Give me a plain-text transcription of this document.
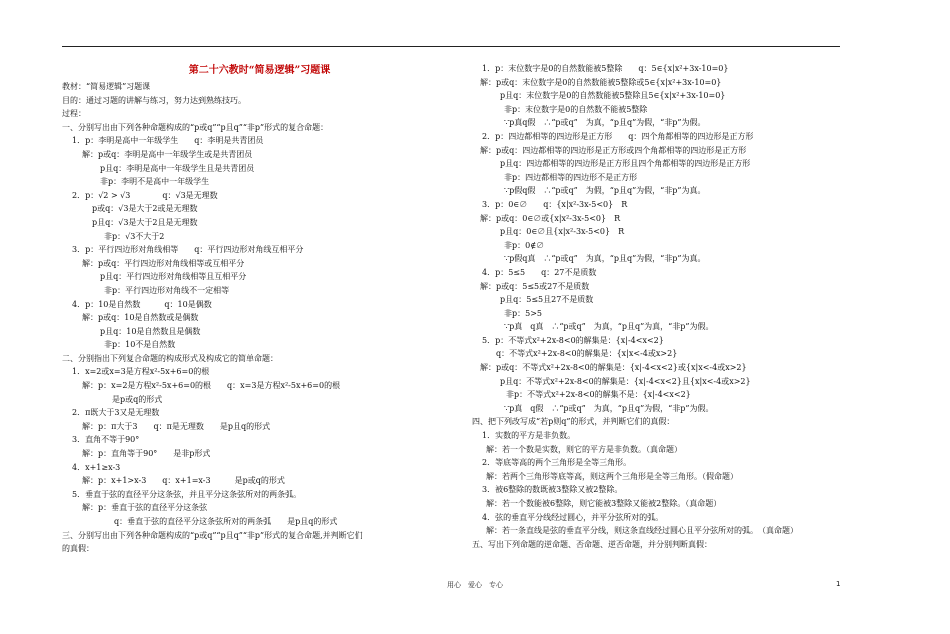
第二十六教时“简易逻辑”习题课
教材：“简易逻辑”习题课
目的：通过习题的讲解与练习，努力达到熟练技巧。
过程：
一、分别写出由下列各种命题构成的“p或q”“p且q”“非p”形式的复合命题：
1．p：李明是高中一年级学生　　q：李明是共青团员
解：p或q：李明是高中一年级学生或是共青团员
p且q：李明是高中一年级学生且是共青团员
非p：李明不是高中一年级学生
2．p：√2 > √3　　　　q：√3是无理数
p或q：√3是大于2或是无理数
p且q：√3是大于2且是无理数
非p：√3不大于2
3．p：平行四边形对角线相等　　q：平行四边形对角线互相平分
解：p或q：平行四边形对角线相等或互相平分
p且q：平行四边形对角线相等且互相平分
非p：平行四边形对角线不一定相等
4．p：10是自然数　　　q：10是偶数
解：p或q：10是自然数或是偶数
p且q：10是自然数且是偶数
非p：10不是自然数
二、分别指出下列复合命题的构成形式及构成它的简单命题：
1．x=2或x=3是方程x²-5x+6=0的根
解：p：x=2是方程x²-5x+6=0的根　　q：x=3是方程x²-5x+6=0的根
是p或q的形式
2．π既大于3又是无理数
解：p：π大于3　　q：π是无理数　　是p且q的形式
3．直角不等于90°
解：p：直角等于90°　　是非p形式
4．x+1≥x-3
解：p：x+1>x-3　　q：x+1=x-3　　　是p或q的形式
5．垂直于弦的直径平分这条弦，并且平分这条弦所对的两条弧。
解：p：垂直于弦的直径平分这条弦
q：垂直于弦的直径平分这条弦所对的两条弧　　是p且q的形式
三、分别写出由下列各种命题构成的“p或q”“p且q”“非p”形式的复合命题,并判断它们
的真假：
1．p：末位数字是0的自然数能被5整除　　q：5∈{x|x²+3x-10=0}
解：p或q：末位数字是0的自然数能被5整除或5∈{x|x²+3x-10=0}
p且q：末位数字是0的自然数能被5整除且5∈{x|x²+3x-10=0}
非p：末位数字是0的自然数不能被5整除
∵p真q假　∴“p或q”　为真，“p且q”为假，“非p”为假。
2．p：四边都相等的四边形是正方形　　q：四个角都相等的四边形是正方形
解：p或q：四边都相等的四边形是正方形或四个角都相等的四边形是正方形
p且q：四边都相等的四边形是正方形且四个角都相等的四边形是正方形
非p：四边都相等的四边形不是正方形
∵p假q假　∴“p或q”　为假，“p且q”为假，“非p”为真。
3．p：0∈∅　　q：{x|x²-3x-5<0}　R
解：p或q：0∈∅或{x|x²-3x-5<0}　R
p且q：0∈∅且{x|x²-3x-5<0}　R
非p：0∉∅
∵p假q真　∴“p或q”　为真，“p且q”为假，“非p”为真。
4．p：5≤5　　q：27不是质数
解：p或q：5≤5或27不是质数
p且q：5≤5且27不是质数
非p：5>5
∵p真　q真　∴“p或q”　为真，“p且q”为真，“非p”为假。
5．p：不等式x²+2x-8<0的解集是：{x|-4<x<2}
q：不等式x²+2x-8<0的解集是：{x|x<-4或x>2}
解：p或q：不等式x²+2x-8<0的解集是：{x|-4<x<2}或{x|x<-4或x>2}
p且q：不等式x²+2x-8<0的解集是：{x|-4<x<2}且{x|x<-4或x>2}
非p：不等式x²+2x-8<0的解集不是：{x|-4<x<2}
∵p真　q假　∴“p或q”　为真，“p且q”为假，“非p”为假。
四、把下列改写成“若p则q”的形式，并判断它们的真假：
1．实数的平方是非负数。
解：若一个数是实数，则它的平方是非负数。（真命题）
2．等底等高的两个三角形是全等三角形。
解：若两个三角形等底等高，则这两个三角形是全等三角形。（假命题）
3．被6整除的数既被3整除又被2整除。
解：若一个数能被6整除，则它能被3整除又能被2整除。（真命题）
4．弦的垂直平分线经过圆心，并平分弦所对的弧。
解：若一条直线是弦的垂直平分线，则这条直线经过圆心且平分弦所对的弧。　（真命题）
五、写出下列命题的逆命题、否命题、逆否命题，并分别判断真假：
用心　爱心　专心	1
